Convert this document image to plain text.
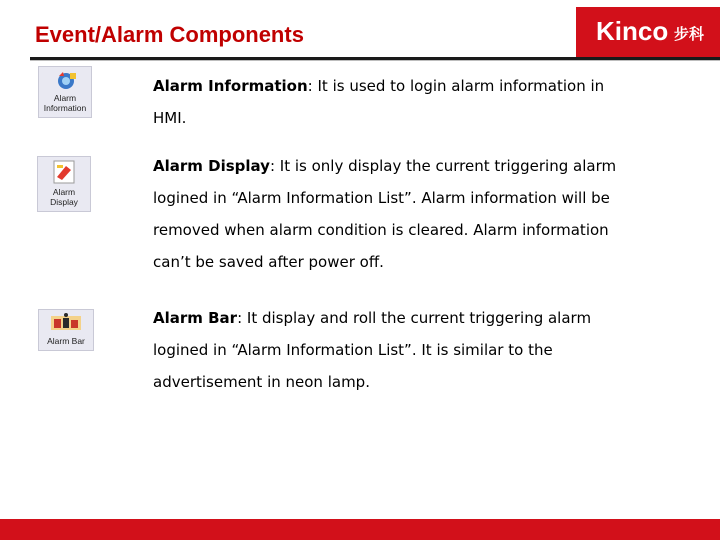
Event/Alarm Components	Kinco 步科
Alarm
Information
Alarm Information: It is used to login alarm information in
HMI.
Alarm
Display
Alarm Display: It is only display the current triggering alarm
logined in “Alarm Information List”. Alarm information will be
removed when alarm condition is cleared. Alarm information
can’t be saved after power off.
Alarm Bar
Alarm Bar: It display and roll the current triggering alarm
logined in “Alarm Information List”. It is similar to the
advertisement in neon lamp.
